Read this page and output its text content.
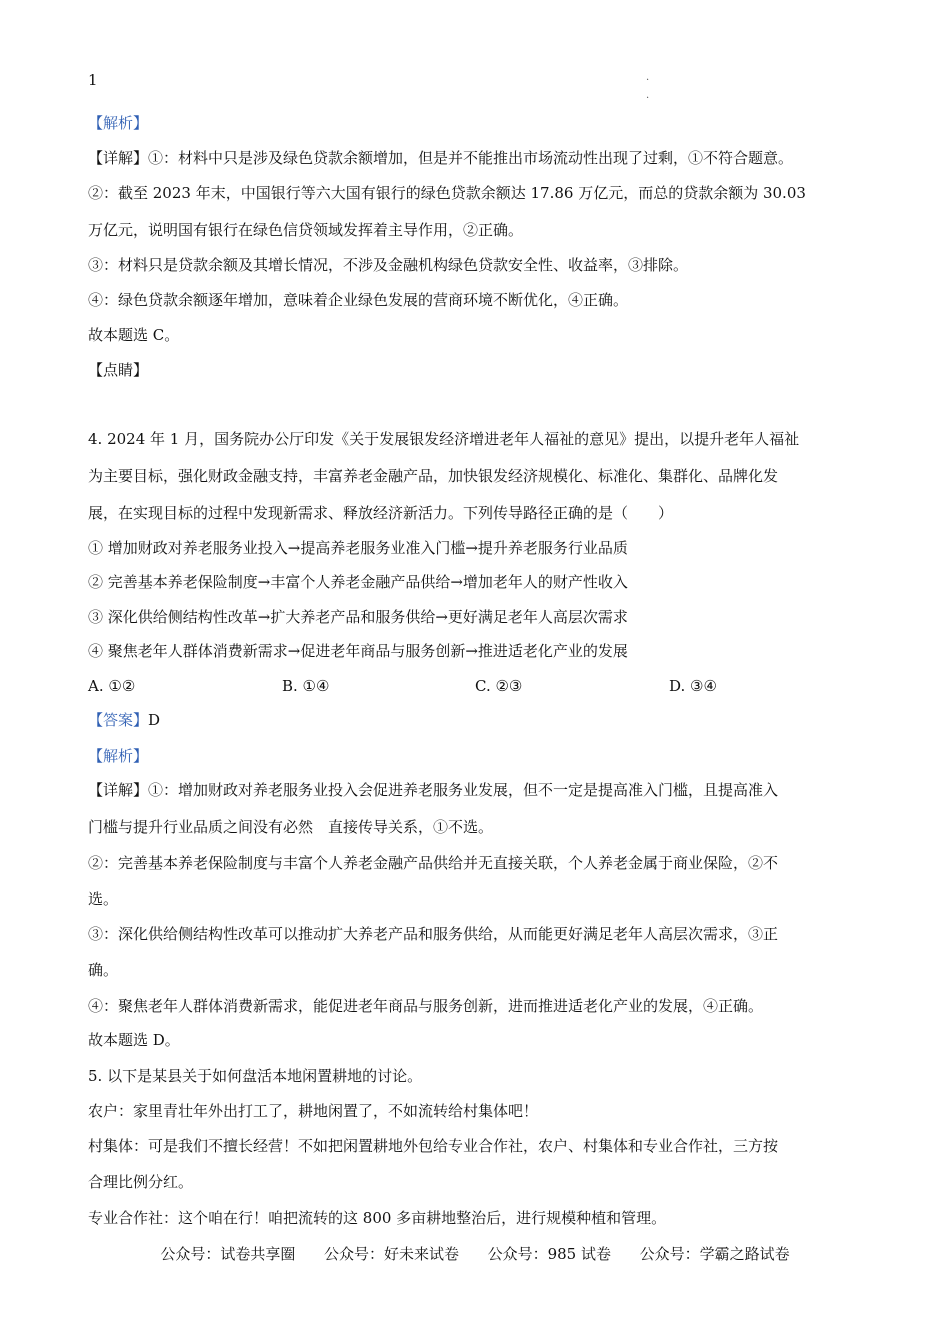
1	.
.
【解析】
【详解】①：材料中只是涉及绿色贷款余额增加，但是并不能推出市场流动性出现了过剩，①不符合题意。
②：截至 2023 年末，中国银行等六大国有银行的绿色贷款余额达 17.86 万亿元，而总的贷款余额为 30.03
万亿元，说明国有银行在绿色信贷领域发挥着主导作用，②正确。
③：材料只是贷款余额及其增长情况，不涉及金融机构绿色贷款安全性、收益率，③排除。
④：绿色贷款余额逐年增加，意味着企业绿色发展的营商环境不断优化，④正确。
故本题选 C。
【点睛】
4. 2024 年 1 月，国务院办公厅印发《关于发展银发经济增进老年人福祉的意见》提出，以提升老年人福祉
为主要目标，强化财政金融支持，丰富养老金融产品，加快银发经济规模化、标准化、集群化、品牌化发
展，在实现目标的过程中发现新需求、释放经济新活力。下列传导路径正确的是（　　）
① 增加财政对养老服务业投入→提高养老服务业准入门槛→提升养老服务行业品质
② 完善基本养老保险制度→丰富个人养老金融产品供给→增加老年人的财产性收入
③ 深化供给侧结构性改革→扩大养老产品和服务供给→更好满足老年人高层次需求
④ 聚焦老年人群体消费新需求→促进老年商品与服务创新→推进适老化产业的发展
A. ①②	B. ①④	C. ②③	D. ③④
【答案】D
【解析】
【详解】①：增加财政对养老服务业投入会促进养老服务业发展，但不一定是提高准入门槛，且提高准入
门槛与提升行业品质之间没有必然　直接传导关系，①不选。
②：完善基本养老保险制度与丰富个人养老金融产品供给并无直接关联，个人养老金属于商业保险，②不
选。
③：深化供给侧结构性改革可以推动扩大养老产品和服务供给，从而能更好满足老年人高层次需求，③正
确。
④：聚焦老年人群体消费新需求，能促进老年商品与服务创新，进而推进适老化产业的发展，④正确。
故本题选 D。
5. 以下是某县关于如何盘活本地闲置耕地的讨论。
农户：家里青壮年外出打工了，耕地闲置了，不如流转给村集体吧！
村集体：可是我们不擅长经营！不如把闲置耕地外包给专业合作社，农户、村集体和专业合作社，三方按
合理比例分红。
专业合作社：这个咱在行！咱把流转的这 800 多亩耕地整治后，进行规模种植和管理。
公众号：试卷共享圈      公众号：好未来试卷      公众号：985 试卷      公众号：学霸之路试卷
